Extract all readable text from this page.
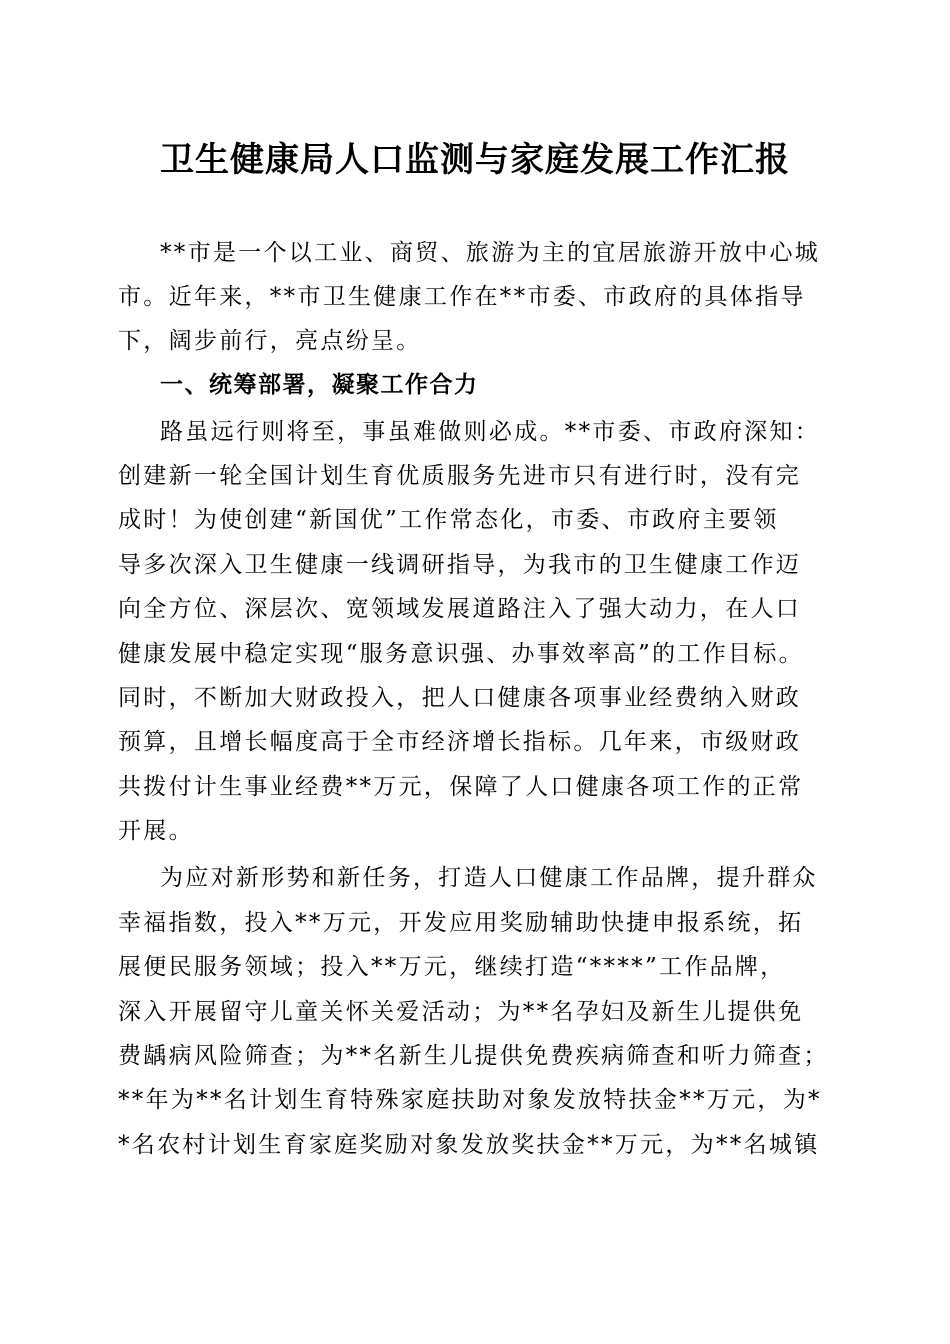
卫生健康局人口监测与家庭发展工作汇报
**市是一个以工业、商贸、旅游为主的宜居旅游开放中心城
市。近年来，**市卫生健康工作在**市委、市政府的具体指导
下，阔步前行，亮点纷呈。
一、统筹部署，凝聚工作合力
路虽远行则将至，事虽难做则必成。**市委、市政府深知：
创建新一轮全国计划生育优质服务先进市只有进行时，没有完
成时！为使创建“新国优”工作常态化，市委、市政府主要领
导多次深入卫生健康一线调研指导，为我市的卫生健康工作迈
向全方位、深层次、宽领域发展道路注入了强大动力，在人口
健康发展中稳定实现“服务意识强、办事效率高”的工作目标。
同时，不断加大财政投入，把人口健康各项事业经费纳入财政
预算，且增长幅度高于全市经济增长指标。几年来，市级财政
共拨付计生事业经费**万元，保障了人口健康各项工作的正常
开展。
为应对新形势和新任务，打造人口健康工作品牌，提升群众
幸福指数，投入**万元，开发应用奖励辅助快捷申报系统，拓
展便民服务领域；投入**万元，继续打造“****”工作品牌，
深入开展留守儿童关怀关爱活动；为**名孕妇及新生儿提供免
费龋病风险筛查；为**名新生儿提供免费疾病筛查和听力筛查；
**年为**名计划生育特殊家庭扶助对象发放特扶金**万元，为*
*名农村计划生育家庭奖励对象发放奖扶金**万元，为**名城镇
